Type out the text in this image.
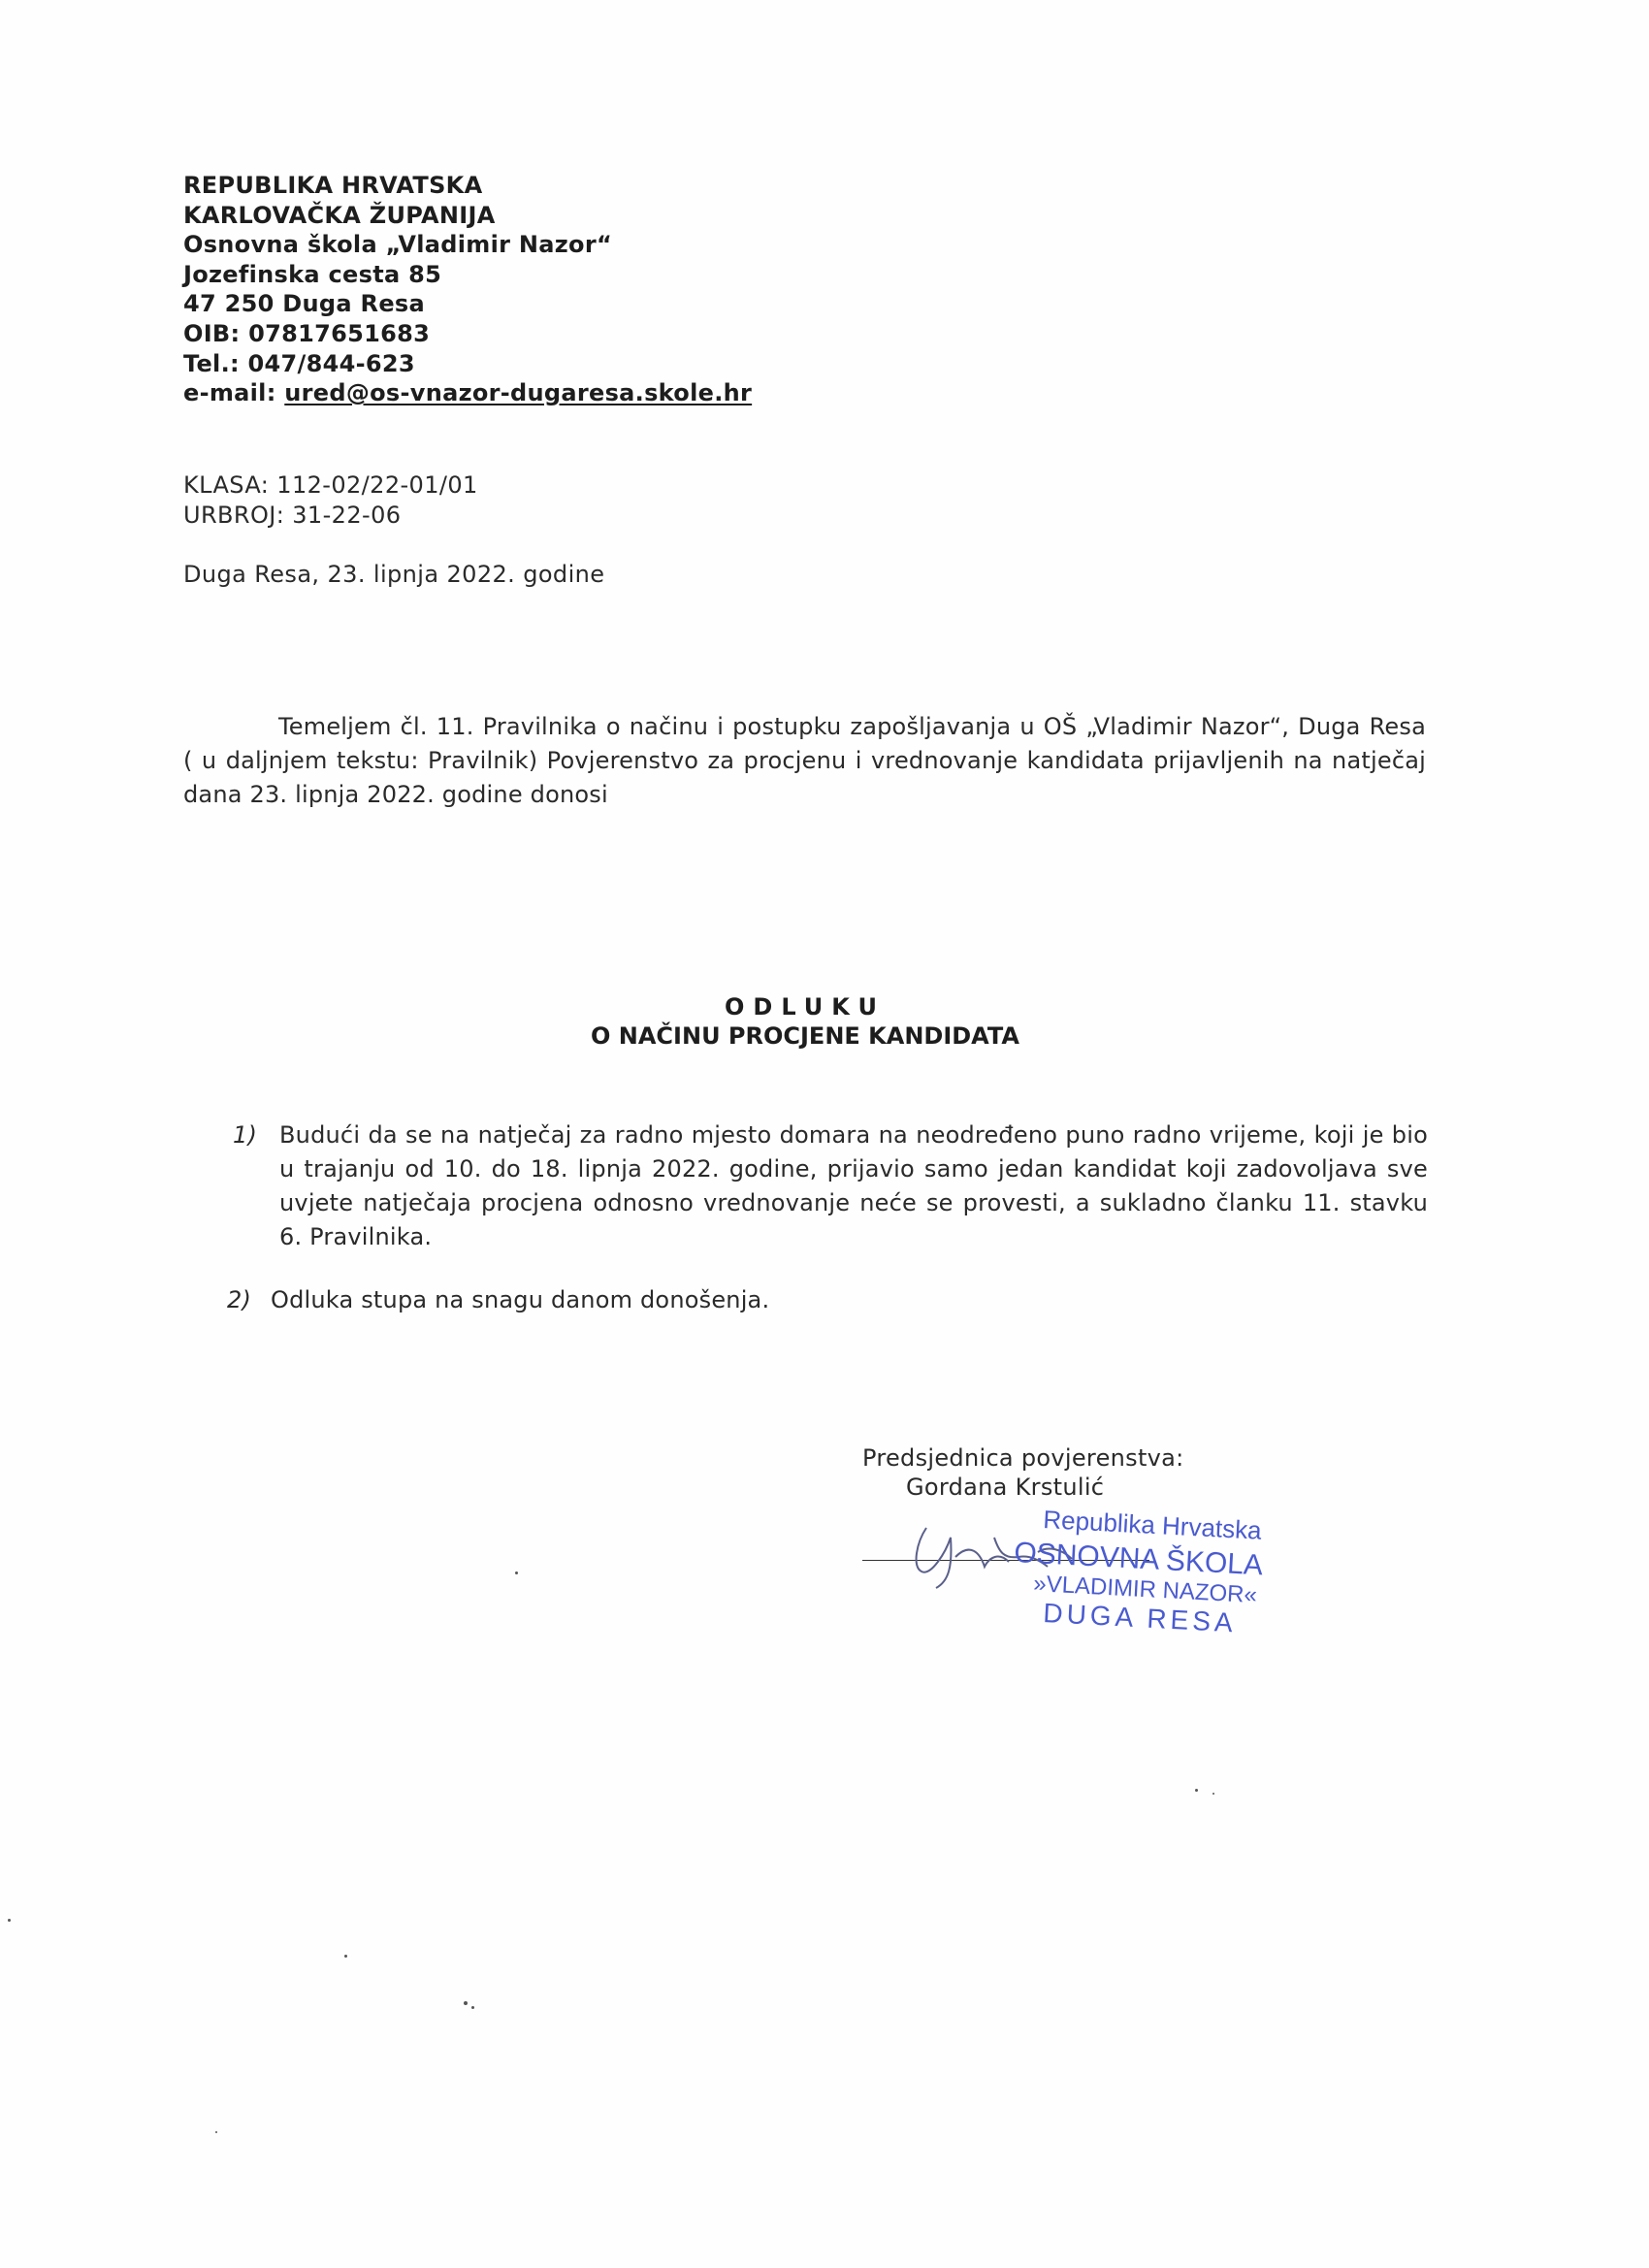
REPUBLIKA HRVATSKA
KARLOVAČKA ŽUPANIJA
Osnovna škola „Vladimir Nazor“
Jozefinska cesta 85
47 250 Duga Resa
OIB: 07817651683
Tel.: 047/844-623
e-mail: ured@os-vnazor-dugaresa.skole.hr
KLASA: 112-02/22-01/01
URBROJ: 31-22-06
Duga Resa, 23. lipnja 2022. godine
Temeljem čl. 11. Pravilnika o načinu i postupku zapošljavanja u OŠ „Vladimir Nazor“, Duga Resa ( u daljnjem tekstu: Pravilnik) Povjerenstvo za procjenu i vrednovanje kandidata prijavljenih na natječaj dana 23. lipnja 2022. godine donosi
ODLUKU
O NAČINU PROCJENE KANDIDATA
1) Budući da se na natječaj za radno mjesto domara na neodređeno puno radno vrijeme, koji je bio u trajanju od 10. do 18. lipnja 2022. godine, prijavio samo jedan kandidat koji zadovoljava sve uvjete natječaja procjena odnosno vrednovanje neće se provesti, a sukladno članku 11. stavku 6. Pravilnika.
2) Odluka stupa na snagu danom donošenja.
Predsjednica povjerenstva:
Gordana Krstulić
Republika Hrvatska
OSNOVNA ŠKOLA
»VLADIMIR NAZOR«
DUGA RESA
